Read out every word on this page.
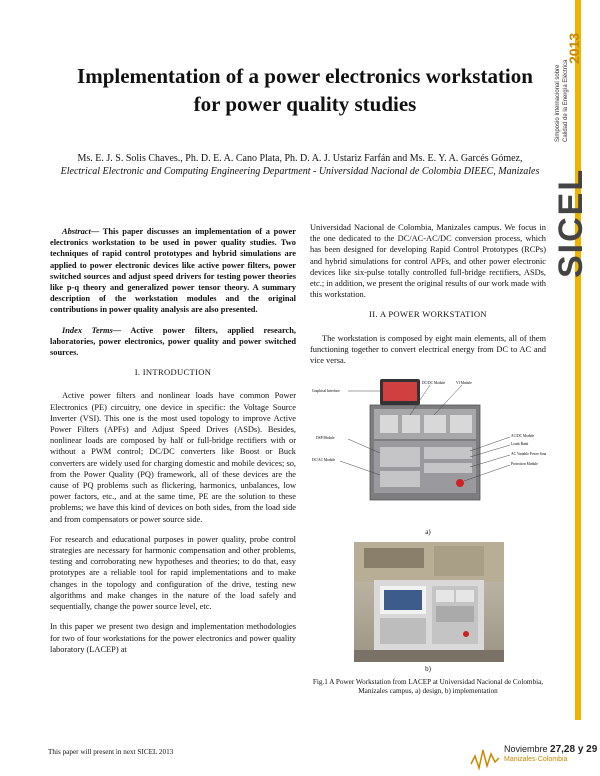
Implementation of a power electronics workstation for power quality studies
Ms. E. J. S. Solis Chaves., Ph. D. E. A. Cano Plata, Ph. D. A. J. Ustariz Farfán and Ms. E. Y. A. Garcés Gómez, Electrical Electronic and Computing Engineering Department - Universidad Nacional de Colombia DIEEC, Manizales

Abstract— This paper discusses an implementation of a power electronics workstation to be used in power quality studies. Two techniques of rapid control prototypes and hybrid simulations are applied to power electronic devices like active power filters, power switched sources and adjust speed drivers for testing power theories like p-q theory and generalized power tensor theory. A summary description of the workstation modules and the original contributions in power quality analysis are also presented.

Index Terms— Active power filters, applied research, laboratories, power electronics, power quality and power switched sources.

I. INTRODUCTION

Active power filters and nonlinear loads have common Power Electronics (PE) circuitry, one device in specific: the Voltage Source Inverter (VSI). This one is the most used topology to improve Active Power Filters (APFs) and Adjust Speed Drives (ASDs). Besides, nonlinear loads are composed by half or full-bridge rectifiers with or without a PWM control; DC/DC converters like Boost or Buck converters are widely used for charging domestic and mobile devices; so, from the Power Quality (PQ) framework, all of these devices are the cause of PQ problems such as flickering, harmonics, unbalances, low power factors, etc., and at the same time, PE are the solution to these problems; we have this kind of devices on both sides, from the load side and from compensators or power source side.

For research and educational purposes in power quality, probe control strategies are necessary for harmonic compensation and other problems, testing and corroborating new hypotheses and theories; to do that, easy prototypes are a reliable tool for rapid implementations and to make changes in the topology and configuration of the drive, testing new algorithms and make changes in the nature of the load safely and sequentially, change the power source level, etc.

In this paper we present two design and implementation methodologies for two of four workstations for the power electronics and power quality laboratory (LACEP) at

Universidad Nacional de Colombia, Manizales campus. We focus in the one dedicated to the DC/AC-AC/DC conversion process, which has been designed for developing Rapid Control Prototypes (RCPs) and hybrid simulations for control APFs, and other power electronic devices like six-pulse totally controlled full-bridge rectifiers, ASDs, etc.; in addition, we present the original results of our work made with this workstation.

II. A POWER WORKSTATION

The workstation is composed by eight main elements, all of them functioning together to convert electrical energy from DC to AC and vice versa.

Graphical Interface
DC/DC Module	VI Module
DSP Module
DC/AC Module
AC/DC Module
Loads Bank
AC Variable Power Source
Protection Module
a)
b)
Fig.1 A Power Workstation from LACEP at Universidad Nacional de Colombia, Manizales campus, a) design, b) implementation
This paper will present in next SICEL 2013
2013
Simposio Internacional sobre Calidad de la Energía Eléctrica
SICEL
Noviembre 27,28 y 29
Manizales·Colombia
